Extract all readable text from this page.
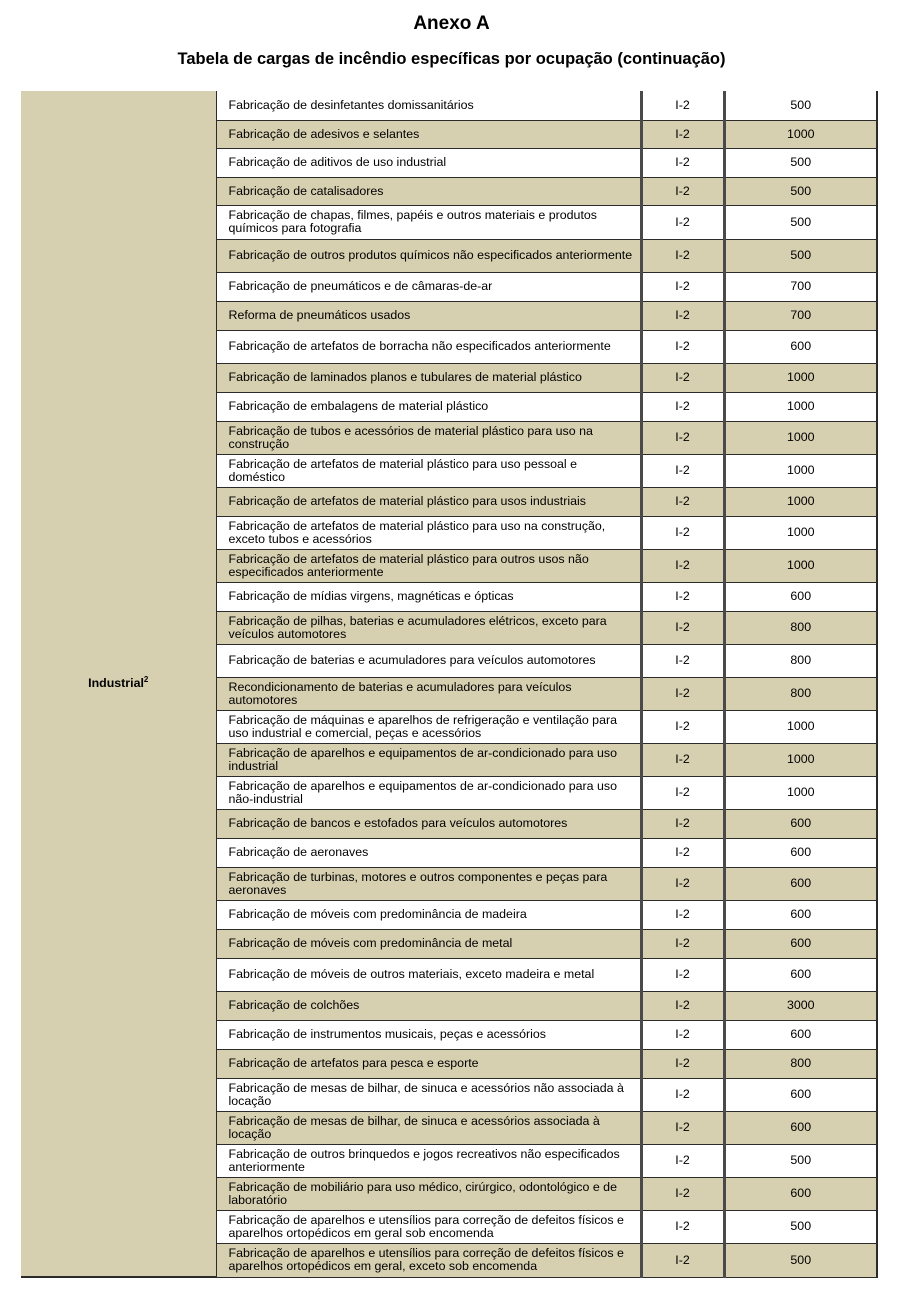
Anexo A
Tabela de cargas de incêndio específicas por ocupação (continuação)
Industrial$^2$	Fabricação de desinfetantes domissanitários	I-2	500
	Fabricação de adesivos e selantes	I-2	1000
	Fabricação de aditivos de uso industrial	I-2	500
	Fabricação de catalisadores	I-2	500
	Fabricação de chapas, filmes, papéis e outros materiais e produtos químicos para fotografia	I-2	500
	Fabricação de outros produtos químicos não especificados anteriormente	I-2	500
	Fabricação de pneumáticos e de câmaras-de-ar	I-2	700
	Reforma de pneumáticos usados	I-2	700
	Fabricação de artefatos de borracha não especificados anteriormente	I-2	600
	Fabricação de laminados planos e tubulares de material plástico	I-2	1000
	Fabricação de embalagens de material plástico	I-2	1000
	Fabricação de tubos e acessórios de material plástico para uso na construção	I-2	1000
	Fabricação de artefatos de material plástico para uso pessoal e doméstico	I-2	1000
	Fabricação de artefatos de material plástico para usos industriais	I-2	1000
	Fabricação de artefatos de material plástico para uso na construção, exceto tubos e acessórios	I-2	1000
	Fabricação de artefatos de material plástico para outros usos não especificados anteriormente	I-2	1000
	Fabricação de mídias virgens, magnéticas e ópticas	I-2	600
	Fabricação de pilhas, baterias e acumuladores elétricos, exceto para veículos automotores	I-2	800
	Fabricação de baterias e acumuladores para veículos automotores	I-2	800
	Recondicionamento de baterias e acumuladores para veículos automotores	I-2	800
	Fabricação de máquinas e aparelhos de refrigeração e ventilação para uso industrial e comercial, peças e acessórios	I-2	1000
	Fabricação de aparelhos e equipamentos de ar-condicionado para uso industrial	I-2	1000
	Fabricação de aparelhos e equipamentos de ar-condicionado para uso não-industrial	I-2	1000
	Fabricação de bancos e estofados para veículos automotores	I-2	600
	Fabricação de aeronaves	I-2	600
	Fabricação de turbinas, motores e outros componentes e peças para aeronaves	I-2	600
	Fabricação de móveis com predominância de madeira	I-2	600
	Fabricação de móveis com predominância de metal	I-2	600
	Fabricação de móveis de outros materiais, exceto madeira e metal	I-2	600
	Fabricação de colchões	I-2	3000
	Fabricação de instrumentos musicais, peças e acessórios	I-2	600
	Fabricação de artefatos para pesca e esporte	I-2	800
	Fabricação de mesas de bilhar, de sinuca e acessórios não associada à locação	I-2	600
	Fabricação de mesas de bilhar, de sinuca e acessórios associada à locação	I-2	600
	Fabricação de outros brinquedos e jogos recreativos não especificados anteriormente	I-2	500
	Fabricação de mobiliário para uso médico, cirúrgico, odontológico e de laboratório	I-2	600
	Fabricação de aparelhos e utensílios para correção de defeitos físicos e aparelhos ortopédicos em geral sob encomenda	I-2	500
	Fabricação de aparelhos e utensílios para correção de defeitos físicos e aparelhos ortopédicos em geral, exceto sob encomenda	I-2	500
